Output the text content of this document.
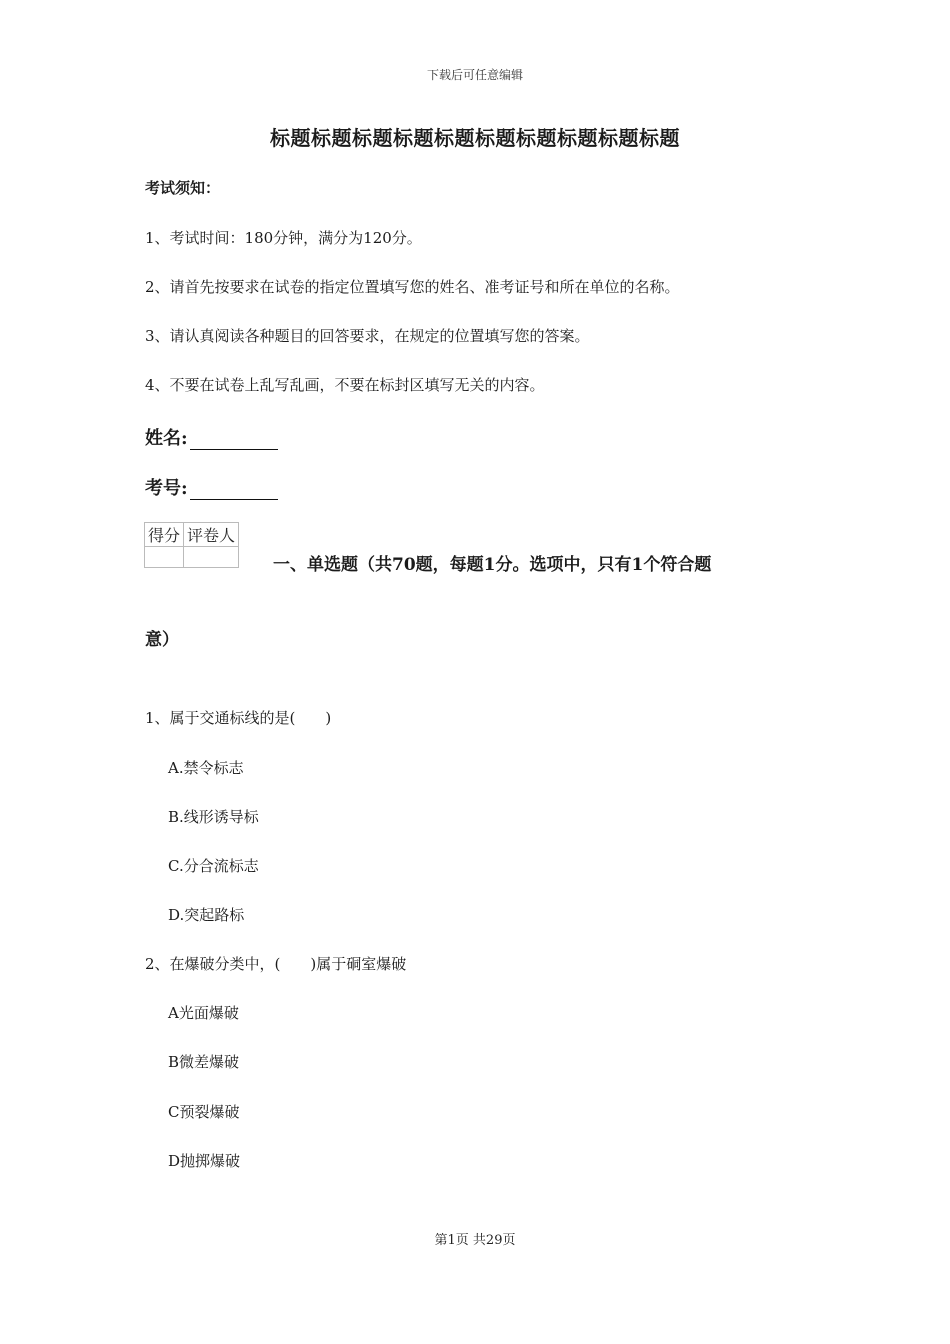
下载后可任意编辑
标题标题标题标题标题标题标题标题标题标题
考试须知：
1、考试时间：180分钟，满分为120分。
2、请首先按要求在试卷的指定位置填写您的姓名、准考证号和所在单位的名称。
3、请认真阅读各种题目的回答要求，在规定的位置填写您的答案。
4、不要在试卷上乱写乱画，不要在标封区填写无关的内容。
姓名:
考号:
得分	评卷人

一、单选题（共70题，每题1分。选项中，只有1个符合题
意）
1、属于交通标线的是(　　)
A.禁令标志
B.线形诱导标
C.分合流标志
D.突起路标
2、在爆破分类中，(　　)属于硐室爆破
A光面爆破
B微差爆破
C预裂爆破
D抛掷爆破
第1页 共29页
